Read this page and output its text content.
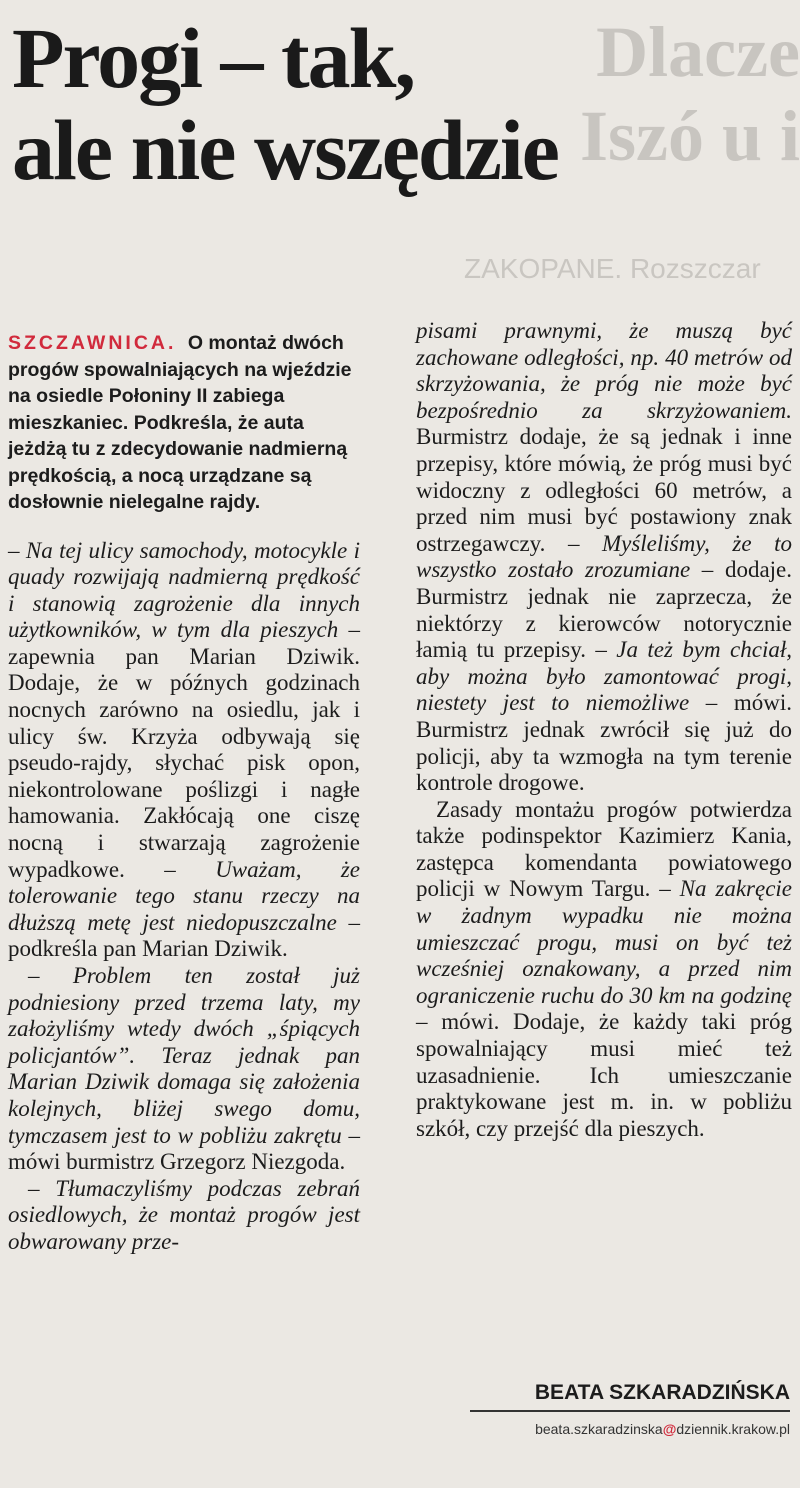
Dlacze
Iszó u i
ZAKOPANE. Rozszczar
Progi – tak,
ale nie wszędzie
SZCZAWNICA. O montaż dwóch progów spowalniających na wjeździe na osiedle Połoniny II zabiega mieszkaniec. Podkreśla, że auta jeżdżą tu z zdecydowanie nadmierną prędkością, a nocą urządzane są dosłownie nielegalne rajdy.

– Na tej ulicy samochody, motocykle i quady rozwijają nadmierną prędkość i stanowią zagrożenie dla innych użytkowników, w tym dla pieszych – zapewnia pan Marian Dziwik. Dodaje, że w późnych godzinach nocnych zarówno na osiedlu, jak i ulicy św. Krzyża odbywają się pseudo-rajdy, słychać pisk opon, niekontrolowane poślizgi i nagłe hamowania. Zakłócają one ciszę nocną i stwarzają zagrożenie wypadkowe. – Uważam, że tolerowanie tego stanu rzeczy na dłuższą metę jest niedopuszczalne – podkreśla pan Marian Dziwik.

– Problem ten został już podniesiony przed trzema laty, my założyliśmy wtedy dwóch „śpiących policjantów”. Teraz jednak pan Marian Dziwik domaga się założenia kolejnych, bliżej swego domu, tymczasem jest to w pobliżu zakrętu – mówi burmistrz Grzegorz Niezgoda.

– Tłumaczyliśmy podczas zebrań osiedlowych, że montaż progów jest obwarowany prze-

pisami prawnymi, że muszą być zachowane odległości, np. 40 metrów od skrzyżowania, że próg nie może być bezpośrednio za skrzyżowaniem. Burmistrz dodaje, że są jednak i inne przepisy, które mówią, że próg musi być widoczny z odległości 60 metrów, a przed nim musi być postawiony znak ostrzegawczy. – Myśleliśmy, że to wszystko zostało zrozumiane – dodaje. Burmistrz jednak nie zaprzecza, że niektórzy z kierowców notorycznie łamią tu przepisy. – Ja też bym chciał, aby można było zamontować progi, niestety jest to niemożliwe – mówi. Burmistrz jednak zwrócił się już do policji, aby ta wzmogła na tym terenie kontrole drogowe.

Zasady montażu progów potwierdza także podinspektor Kazimierz Kania, zastępca komendanta powiatowego policji w Nowym Targu. – Na zakręcie w żadnym wypadku nie można umieszczać progu, musi on być też wcześniej oznakowany, a przed nim ograniczenie ruchu do 30 km na godzinę – mówi. Dodaje, że każdy taki próg spowalniający musi mieć też uzasadnienie. Ich umieszczanie praktykowane jest m. in. w pobliżu szkół, czy przejść dla pieszych.

BEATA SZKARADZIŃSKA
beata.szkaradzinska@dziennik.krakow.pl
